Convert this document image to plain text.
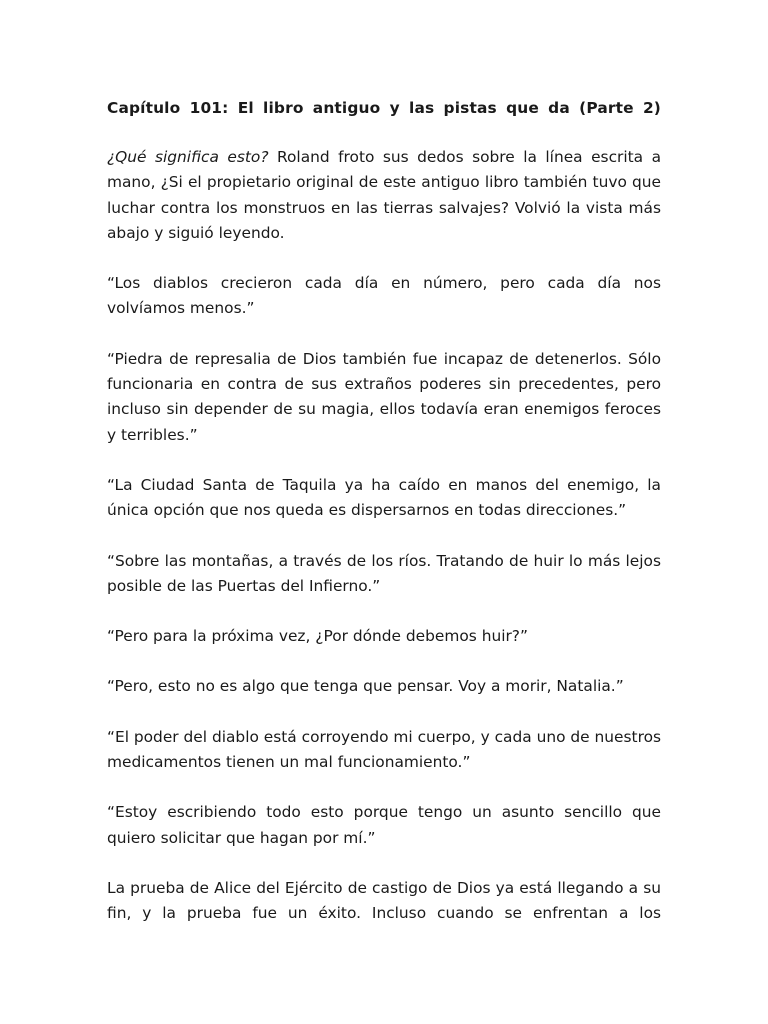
Capítulo 101: El libro antiguo y las pistas que da (Parte 2)

¿Qué significa esto? Roland froto sus dedos sobre la línea escrita a mano, ¿Si el propietario original de este antiguo libro también tuvo que luchar contra los monstruos en las tierras salvajes? Volvió la vista más abajo y siguió leyendo.

“Los diablos crecieron cada día en número, pero cada día nos volvíamos menos.”

“Piedra de represalia de Dios también fue incapaz de detenerlos. Sólo funcionaria en contra de sus extraños poderes sin precedentes, pero incluso sin depender de su magia, ellos todavía eran enemigos feroces y terribles.”

“La Ciudad Santa de Taquila ya ha caído en manos del enemigo, la única opción que nos queda es dispersarnos en todas direcciones.”

“Sobre las montañas, a través de los ríos. Tratando de huir lo más lejos posible de las Puertas del Infierno.”

“Pero para la próxima vez, ¿Por dónde debemos huir?”

“Pero, esto no es algo que tenga que pensar. Voy a morir, Natalia.”

“El poder del diablo está corroyendo mi cuerpo, y cada uno de nuestros medicamentos tienen un mal funcionamiento.”

“Estoy escribiendo todo esto porque tengo un asunto sencillo que quiero solicitar que hagan por mí.”

La prueba de Alice del Ejército de castigo de Dios ya está llegando a su fin, y la prueba fue un éxito. Incluso cuando se enfrentan a los
